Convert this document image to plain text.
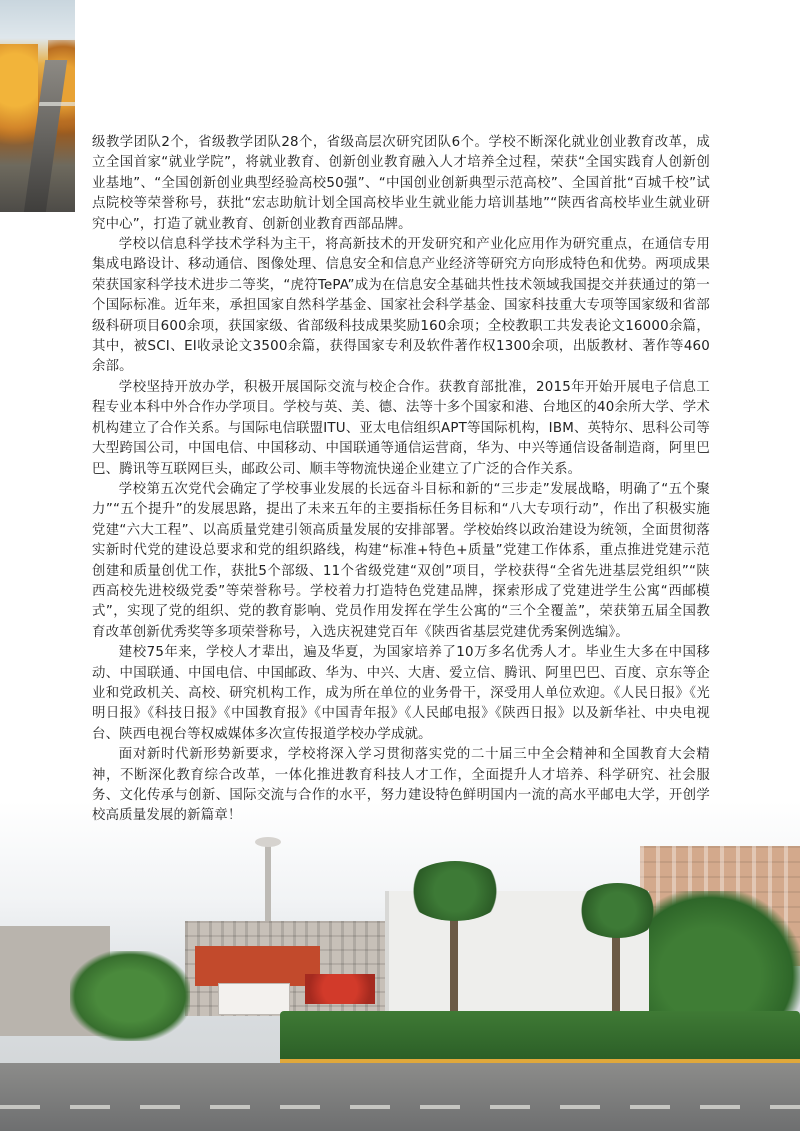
级教学团队2个，省级教学团队28个，省级高层次研究团队6个。学校不断深化就业创业教育改革，成立全国首家“就业学院”，将就业教育、创新创业教育融入人才培养全过程，荣获“全国实践育人创新创业基地”、“全国创新创业典型经验高校50强”、“中国创业创新典型示范高校”、全国首批“百城千校”试点院校等荣誉称号，获批“宏志助航计划全国高校毕业生就业能力培训基地”“陕西省高校毕业生就业研究中心”，打造了就业教育、创新创业教育西部品牌。

学校以信息科学技术学科为主干，将高新技术的开发研究和产业化应用作为研究重点，在通信专用集成电路设计、移动通信、图像处理、信息安全和信息产业经济等研究方向形成特色和优势。两项成果荣获国家科学技术进步二等奖，“虎符TePA”成为在信息安全基础共性技术领域我国提交并获通过的第一个国际标准。近年来，承担国家自然科学基金、国家社会科学基金、国家科技重大专项等国家级和省部级科研项目600余项，获国家级、省部级科技成果奖励160余项；全校教职工共发表论文16000余篇，其中，被SCI、EI收录论文3500余篇，获得国家专利及软件著作权1300余项，出版教材、著作等460余部。

学校坚持开放办学，积极开展国际交流与校企合作。获教育部批准，2015年开始开展电子信息工程专业本科中外合作办学项目。学校与英、美、德、法等十多个国家和港、台地区的40余所大学、学术机构建立了合作关系。与国际电信联盟ITU、亚太电信组织APT等国际机构，IBM、英特尔、思科公司等大型跨国公司，中国电信、中国移动、中国联通等通信运营商，华为、中兴等通信设备制造商，阿里巴巴、腾讯等互联网巨头，邮政公司、顺丰等物流快递企业建立了广泛的合作关系。

学校第五次党代会确定了学校事业发展的长远奋斗目标和新的“三步走”发展战略，明确了“五个聚力”“五个提升”的发展思路，提出了未来五年的主要指标任务目标和“八大专项行动”，作出了积极实施党建“六大工程”、以高质量党建引领高质量发展的安排部署。学校始终以政治建设为统领，全面贯彻落实新时代党的建设总要求和党的组织路线，构建“标准+特色+质量”党建工作体系，重点推进党建示范创建和质量创优工作，获批5个部级、11个省级党建“双创”项目，学校获得“全省先进基层党组织”“陕西高校先进校级党委”等荣誉称号。学校着力打造特色党建品牌，探索形成了党建进学生公寓“西邮模式”，实现了党的组织、党的教育影响、党员作用发挥在学生公寓的“三个全覆盖”，荣获第五届全国教育改革创新优秀奖等多项荣誉称号，入选庆祝建党百年《陕西省基层党建优秀案例选编》。

建校75年来，学校人才辈出，遍及华夏，为国家培养了10万多名优秀人才。毕业生大多在中国移动、中国联通、中国电信、中国邮政、华为、中兴、大唐、爱立信、腾讯、阿里巴巴、百度、京东等企业和党政机关、高校、研究机构工作，成为所在单位的业务骨干，深受用人单位欢迎。《人民日报》《光明日报》《科技日报》《中国教育报》《中国青年报》《人民邮电报》《陕西日报》以及新华社、中央电视台、陕西电视台等权威媒体多次宣传报道学校办学成就。

面对新时代新形势新要求，学校将深入学习贯彻落实党的二十届三中全会精神和全国教育大会精神，不断深化教育综合改革，一体化推进教育科技人才工作，全面提升人才培养、科学研究、社会服务、文化传承与创新、国际交流与合作的水平，努力建设特色鲜明国内一流的高水平邮电大学，开创学校高质量发展的新篇章！
